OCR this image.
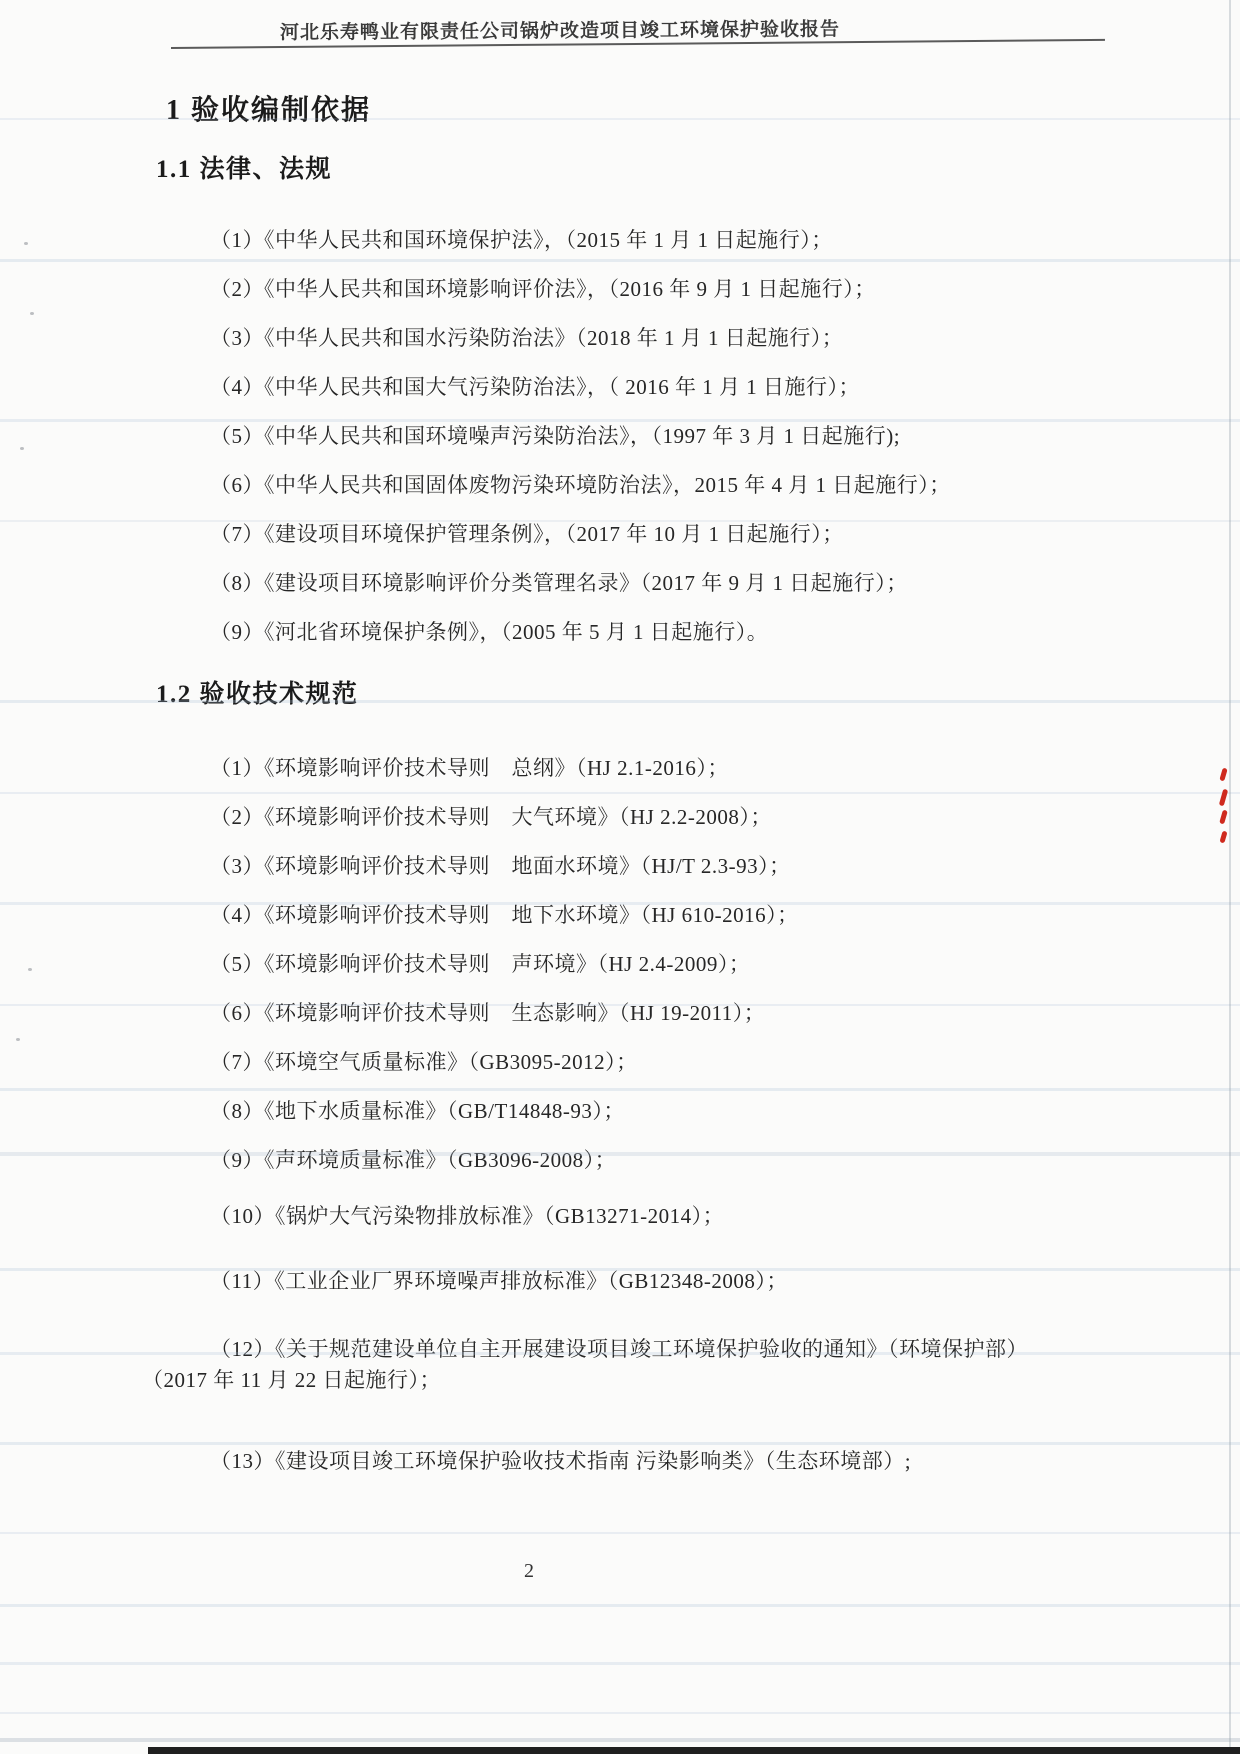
河北乐寿鸭业有限责任公司锅炉改造项目竣工环境保护验收报告
1 验收编制依据
1.1 法律、法规

（1）《中华人民共和国环境保护法》，（2015 年 1 月 1 日起施行）；

（2）《中华人民共和国环境影响评价法》，（2016 年 9 月 1 日起施行）；

（3）《中华人民共和国水污染防治法》（2018 年 1 月 1 日起施行）；

（4）《中华人民共和国大气污染防治法》，（ 2016 年 1 月 1 日施行）；

（5）《中华人民共和国环境噪声污染防治法》，（1997 年 3 月 1 日起施行);

（6）《中华人民共和国固体废物污染环境防治法》，2015 年 4 月 1 日起施行）；

（7）《建设项目环境保护管理条例》，（2017 年 10 月 1 日起施行）；

（8）《建设项目环境影响评价分类管理名录》（2017 年 9 月 1 日起施行）；

（9）《河北省环境保护条例》，（2005 年 5 月 1 日起施行）。

1.2 验收技术规范

（1）《环境影响评价技术导则　总纲》（HJ 2.1-2016）；

（2）《环境影响评价技术导则　大气环境》（HJ 2.2-2008）；

（3）《环境影响评价技术导则　地面水环境》（HJ/T 2.3-93）；

（4）《环境影响评价技术导则　地下水环境》（HJ 610-2016）；

（5）《环境影响评价技术导则　声环境》（HJ 2.4-2009）；

（6）《环境影响评价技术导则　生态影响》（HJ 19-2011）；

（7）《环境空气质量标准》（GB3095-2012）；

（8）《地下水质量标准》（GB/T14848-93）；

（9）《声环境质量标准》（GB3096-2008）；

（10）《锅炉大气污染物排放标准》（GB13271-2014）；

（11）《工业企业厂界环境噪声排放标准》（GB12348-2008）；

（12）《关于规范建设单位自主开展建设项目竣工环境保护验收的通知》（环境保护部）（2017 年 11 月 22 日起施行）；

（13）《建设项目竣工环境保护验收技术指南 污染影响类》（生态环境部）;

2
